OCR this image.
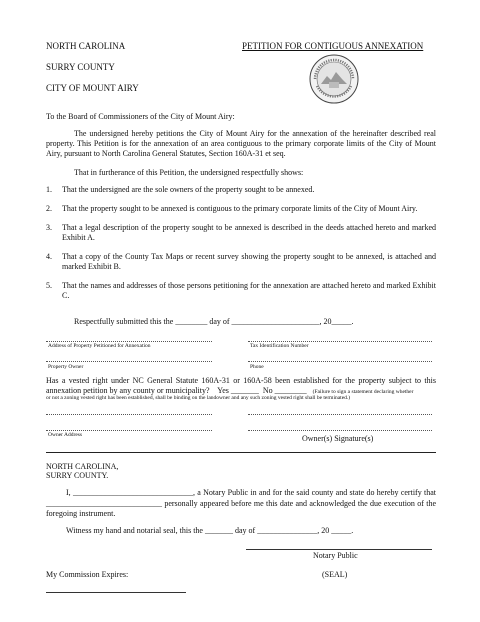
NORTH CAROLINA
SURRY COUNTY
CITY OF MOUNT AIRY
PETITION FOR CONTIGUOUS ANNEXATION
To the Board of Commissioners of the City of Mount Airy:
The undersigned hereby petitions the City of Mount Airy for the annexation of the hereinafter described real property. This Petition is for the annexation of an area contiguous to the primary corporate limits of the City of Mount Airy, pursuant to North Carolina General Statutes, Section 160A-31 et seq.
That in furtherance of this Petition, the undersigned respectfully shows:
1.	That the undersigned are the sole owners of the property sought to be annexed.
2.	That the property sought to be annexed is contiguous to the primary corporate limits of the City of Mount Airy.
3.	That a legal description of the property sought to be annexed is described in the deeds attached hereto and marked Exhibit A.
4.	That a copy of the County Tax Maps or recent survey showing the property sought to be annexed, is attached and marked Exhibit B.
5.	That the names and addresses of those persons petitioning for the annexation are attached hereto and marked Exhibit C.
Respectfully submitted this the ________ day of ______________________, 20_____.
Address of Property Petitioned for Annexation	Tax Identification Number
Property Owner	Phone
Has a vested right under NC General Statute 160A-31 or 160A-58 been established for the property subject to this annexation petition by any county or municipality? Yes _______ No ________ (Failure to sign a statement declaring whether
or not a zoning vested right has been established, shall be binding on the landowner and any such zoning vested right shall be terminated.)
Owner Address	Owner(s) Signature(s)
NORTH CAROLINA,
SURRY COUNTY.
I, ______________________________, a Notary Public in and for the said county and state do hereby certify that _____________________________ personally appeared before me this date and acknowledged the due execution of the foregoing instrument.
Witness my hand and notarial seal, this the _______ day of _______________, 20 _____.
Notary Public
My Commission Expires:	(SEAL)
